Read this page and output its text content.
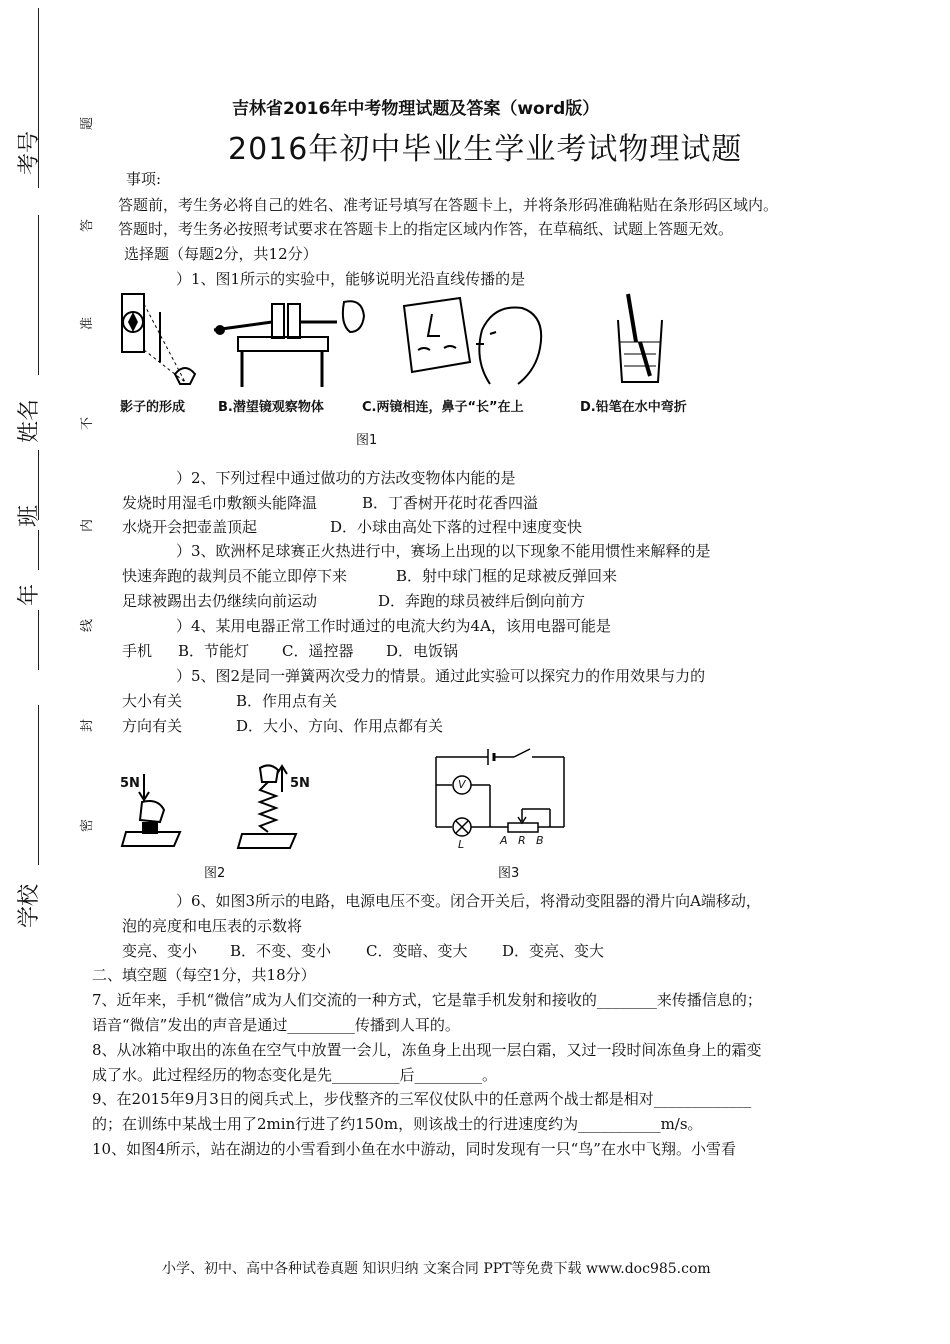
考号
姓名
年
班
学校
题
答
准
不
内
线
封
密
吉林省2016年中考物理试题及答案（word版）
2016年初中毕业生学业考试物理试题
事项:
答题前，考生务必将自己的姓名、准考证号填写在答题卡上，并将条形码准确粘贴在条形码区域内。
答题时，考生务必按照考试要求在答题卡上的指定区域内作答，在草稿纸、试题上答题无效。
选择题（每题2分，共12分）
）1、图1所示的实验中，能够说明光沿直线传播的是
影子的形成	B.潜望镜观察物体	C.两镜相连，鼻子“长”在上	D.铅笔在水中弯折
图1
）2、下列过程中通过做功的方法改变物体内能的是
发烧时用湿毛巾敷额头能降温	B．丁香树开花时花香四溢
水烧开会把壶盖顶起	D．小球由高处下落的过程中速度变快
）3、欧洲杯足球赛正火热进行中，赛场上出现的以下现象不能用惯性来解释的是
快速奔跑的裁判员不能立即停下来	B．射中球门框的足球被反弹回来
足球被踢出去仍继续向前运动	D．奔跑的球员被绊后倒向前方
）4、某用电器正常工作时通过的电流大约为4A，该用电器可能是
手机 B．节能灯 C．遥控器 D．电饭锅
）5、图2是同一弹簧两次受力的情景。通过此实验可以探究力的作用效果与力的
大小有关	B．作用点有关
方向有关	D．大小、方向、作用点都有关
5N	5N
图2
V
L	A R B
图3
）6、如图3所示的电路，电源电压不变。闭合开关后，将滑动变阻器的滑片向A端移动，
泡的亮度和电压表的示数将
变亮、变小 B．不变、变小 C．变暗、变大 D．变亮、变大
二、填空题（每空1分，共18分）
7、近年来，手机“微信”成为人们交流的一种方式，它是靠手机发射和接收的________来传播信息的；
语音“微信”发出的声音是通过_________传播到人耳的。
8、从冰箱中取出的冻鱼在空气中放置一会儿，冻鱼身上出现一层白霜，又过一段时间冻鱼身上的霜变
成了水。此过程经历的物态变化是先_________后_________。
9、在2015年9月3日的阅兵式上，步伐整齐的三军仪仗队中的任意两个战士都是相对_____________
的；在训练中某战士用了2min行进了约150m，则该战士的行进速度约为___________m/s。
10、如图4所示，站在湖边的小雪看到小鱼在水中游动，同时发现有一只“鸟”在水中飞翔。小雪看
小学、初中、高中各种试卷真题 知识归纳 文案合同 PPT等免费下载 www.doc985.com
